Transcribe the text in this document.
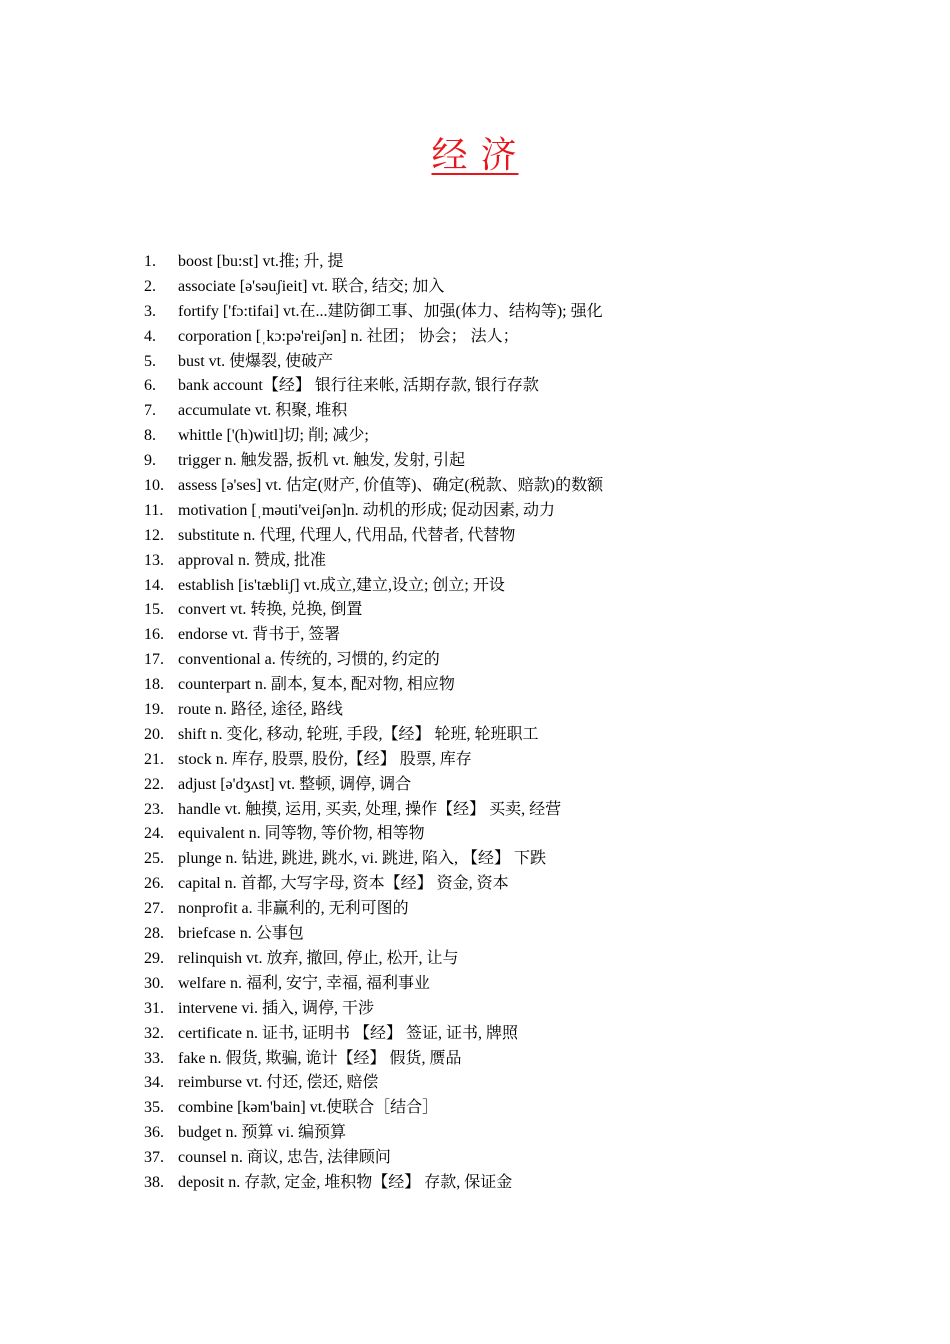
经 济
1. boost [bu:st] vt.推; 升, 提
2. associate [ə'səuʃieit] vt. 联合, 结交; 加入
3. fortify ['fɔ:tifai] vt.在...建防御工事、加强(体力、结构等); 强化
4. corporation [ˌkɔ:pə'reiʃən] n. 社团； 协会； 法人；
5. bust vt. 使爆裂, 使破产
6. bank account【经】 银行往来帐, 活期存款, 银行存款
7. accumulate vt. 积聚, 堆积
8. whittle ['(h)witl]切; 削; 减少;
9. trigger n. 触发器, 扳机 vt. 触发, 发射, 引起
10. assess [ə'ses] vt. 估定(财产, 价值等)、确定(税款、赔款)的数额
11. motivation [ˌməuti'veiʃən]n. 动机的形成; 促动因素, 动力
12. substitute n. 代理, 代理人, 代用品, 代替者, 代替物
13. approval n. 赞成, 批准
14. establish [is'tæbliʃ] vt.成立,建立,设立; 创立; 开设
15. convert vt. 转换, 兑换, 倒置
16. endorse vt. 背书于, 签署
17. conventional a. 传统的, 习惯的, 约定的
18. counterpart n. 副本, 复本, 配对物, 相应物
19. route n. 路径, 途径, 路线
20. shift n. 变化, 移动, 轮班, 手段,【经】 轮班, 轮班职工
21. stock n. 库存, 股票, 股份,【经】 股票, 库存
22. adjust [ə'dʒʌst] vt. 整顿, 调停, 调合
23. handle vt. 触摸, 运用, 买卖, 处理, 操作【经】 买卖, 经营
24. equivalent n. 同等物, 等价物, 相等物
25. plunge n. 钻进, 跳进, 跳水, vi. 跳进, 陷入, 【经】 下跌
26. capital n. 首都, 大写字母, 资本【经】 资金, 资本
27. nonprofit a. 非赢利的, 无利可图的
28. briefcase n. 公事包
29. relinquish vt. 放弃, 撤回, 停止, 松开, 让与
30. welfare n. 福利, 安宁, 幸福, 福利事业
31. intervene vi. 插入, 调停, 干涉
32. certificate n. 证书, 证明书 【经】 签证, 证书, 牌照
33. fake n. 假货, 欺骗, 诡计【经】 假货, 赝品
34. reimburse vt. 付还, 偿还, 赔偿
35. combine [kəm'bain] vt.使联合［结合］
36. budget n. 预算 vi. 编预算
37. counsel n. 商议, 忠告, 法律顾问
38. deposit n. 存款, 定金, 堆积物【经】 存款, 保证金
